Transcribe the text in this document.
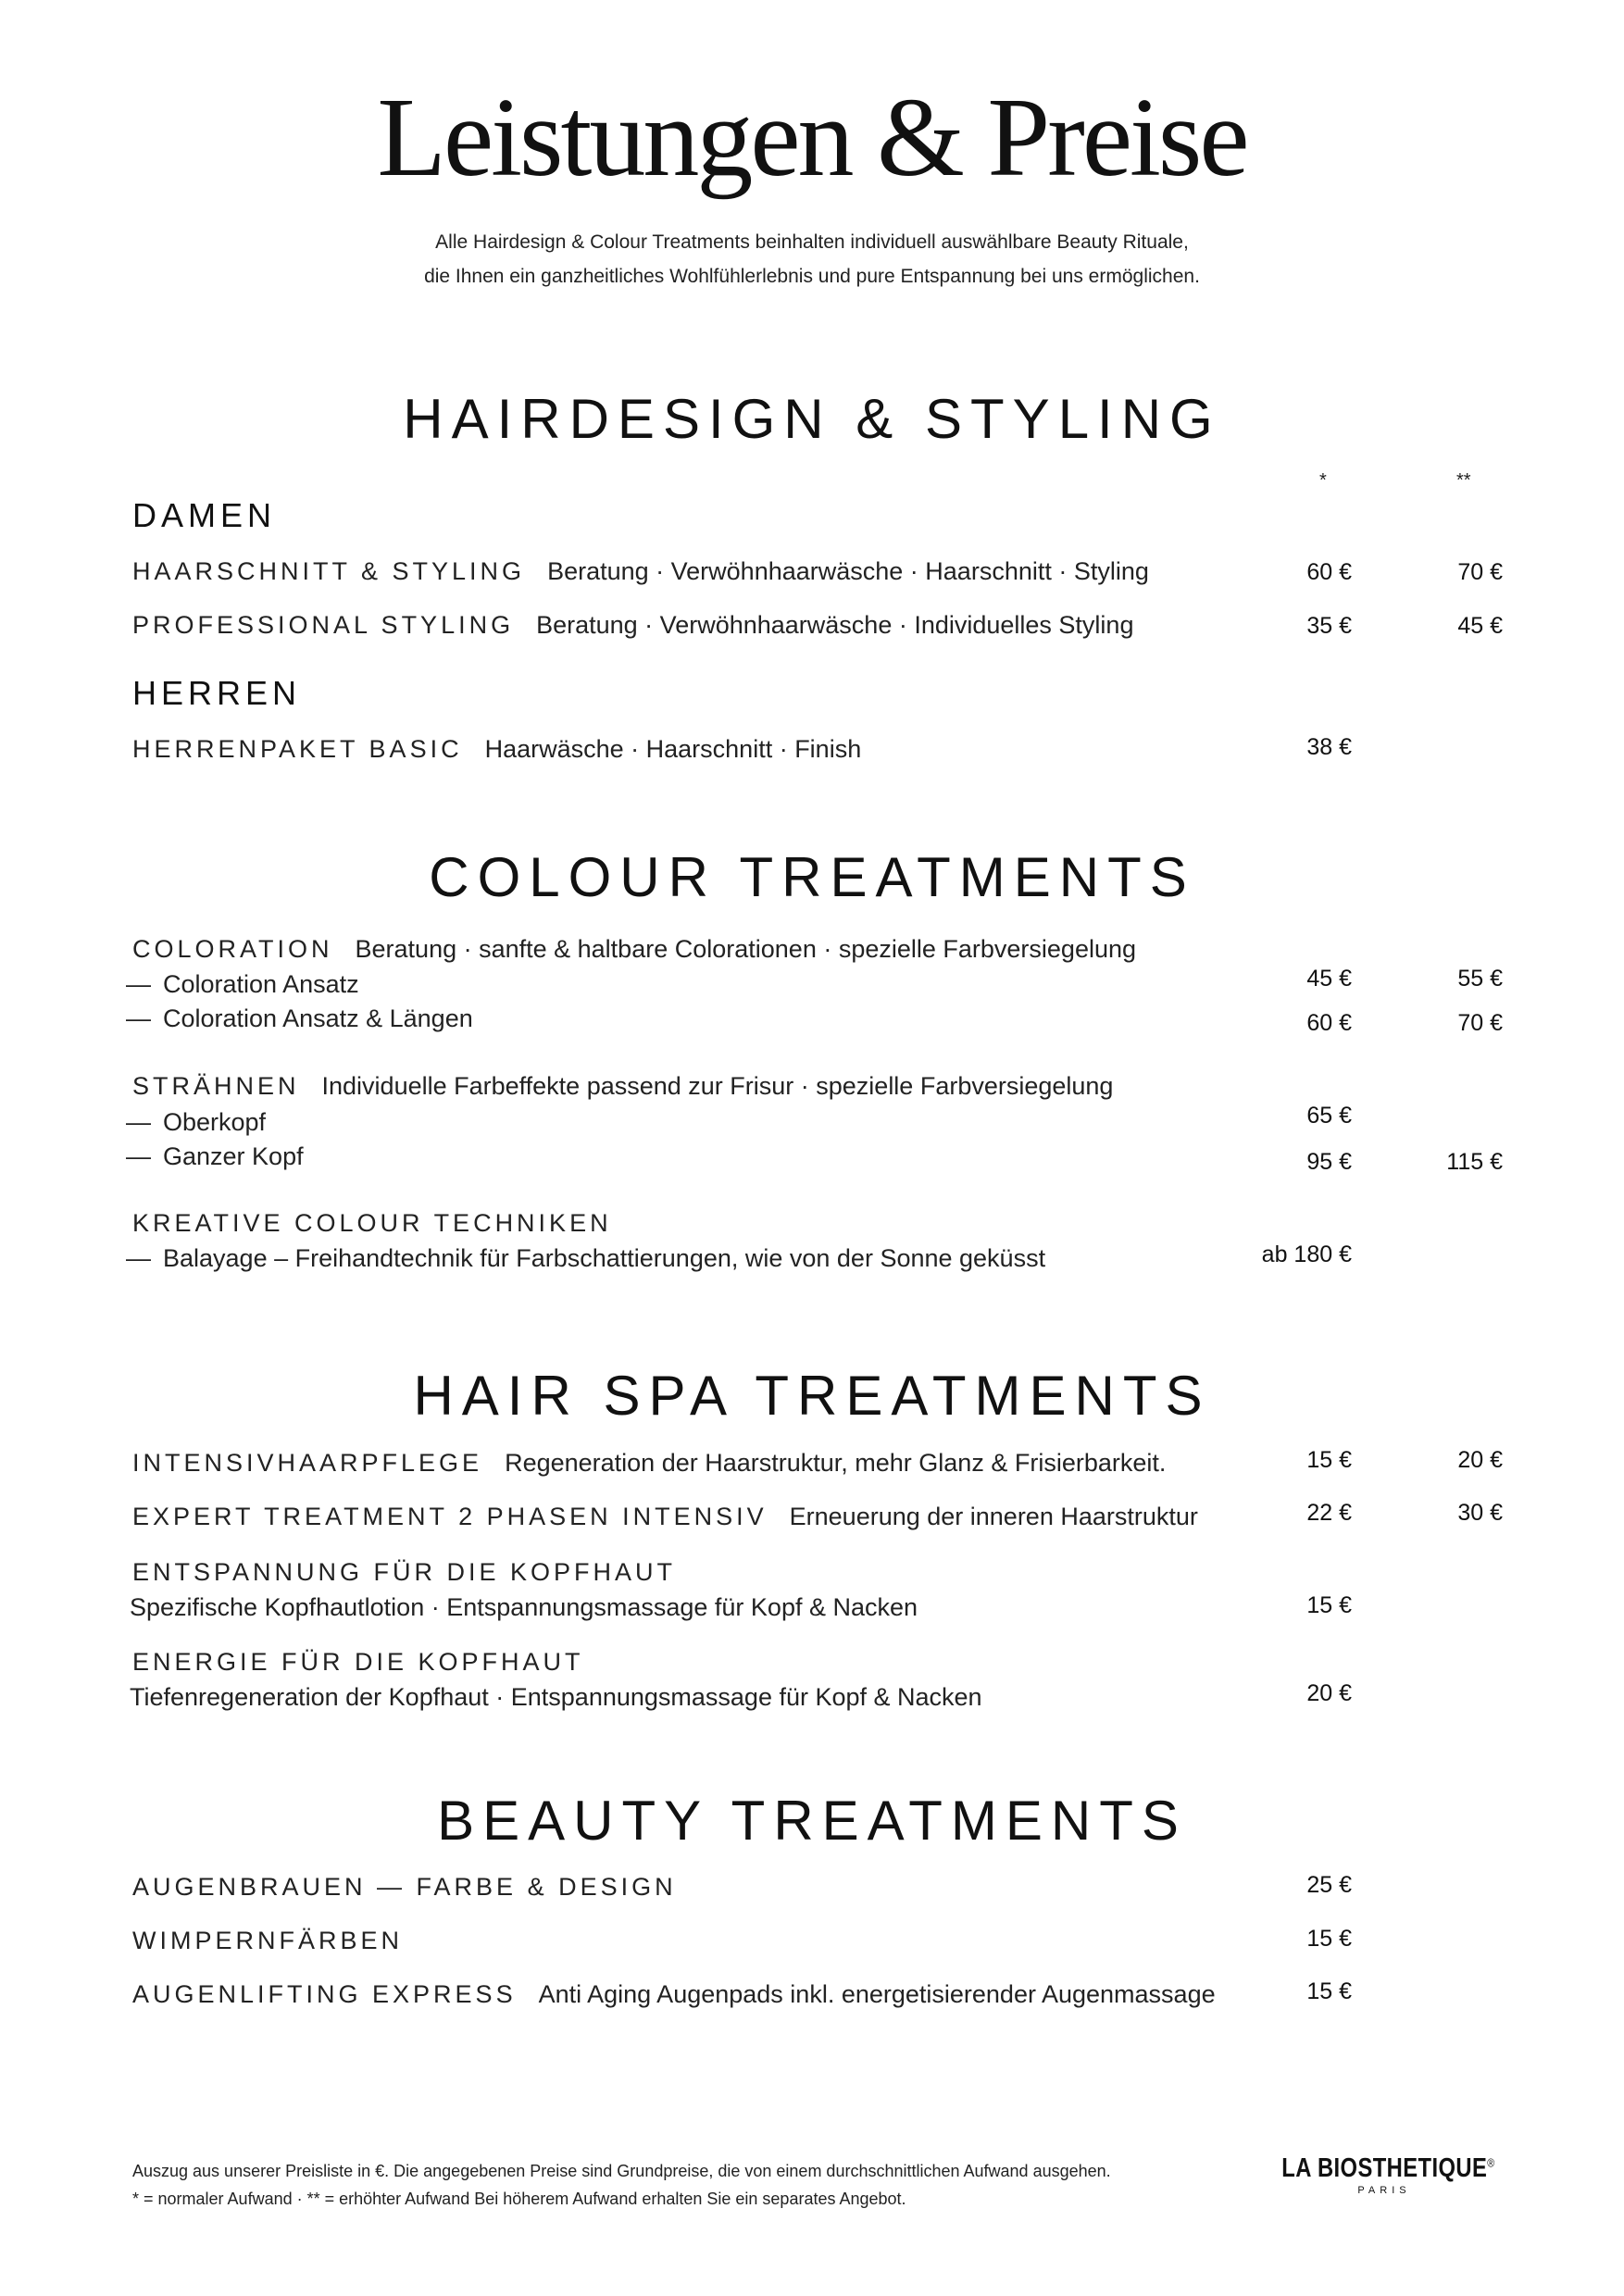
Leistungen & Preise
Alle Hairdesign & Colour Treatments beinhalten individuell auswählbare Beauty Rituale,
die Ihnen ein ganzheitliches Wohlfühlerlebnis und pure Entspannung bei uns ermöglichen.
HAIRDESIGN & STYLING
*	**
DAMEN
HAARSCHNITT & STYLING Beratung · Verwöhnhaarwäsche · Haarschnitt · Styling	60 €	70 €
PROFESSIONAL STYLING Beratung · Verwöhnhaarwäsche · Individuelles Styling	35 €	45 €
HERREN
HERRENPAKET BASIC Haarwäsche · Haarschnitt · Finish	38 €
COLOUR TREATMENTS
COLORATION Beratung · sanfte & haltbare Colorationen · spezielle Farbversiegelung
— Coloration Ansatz	45 €	55 €
— Coloration Ansatz & Längen	60 €	70 €
STRÄHNEN Individuelle Farbeffekte passend zur Frisur · spezielle Farbversiegelung
— Oberkopf	65 €
— Ganzer Kopf	95 €	115 €
KREATIVE COLOUR TECHNIKEN
— Balayage – Freihandtechnik für Farbschattierungen, wie von der Sonne geküsst	ab 180 €
HAIR SPA TREATMENTS
INTENSIVHAARPFLEGE Regeneration der Haarstruktur, mehr Glanz & Frisierbarkeit.	15 €	20 €
EXPERT TREATMENT 2 PHASEN INTENSIV Erneuerung der inneren Haarstruktur	22 €	30 €
ENTSPANNUNG FÜR DIE KOPFHAUT
Spezifische Kopfhautlotion · Entspannungsmassage für Kopf & Nacken	15 €
ENERGIE FÜR DIE KOPFHAUT
Tiefenregeneration der Kopfhaut · Entspannungsmassage für Kopf & Nacken	20 €
BEAUTY TREATMENTS
AUGENBRAUEN — FARBE & DESIGN	25 €
WIMPERNFÄRBEN	15 €
AUGENLIFTING EXPRESS Anti Aging Augenpads inkl. energetisierender Augenmassage	15 €
Auszug aus unserer Preisliste in €. Die angegebenen Preise sind Grundpreise, die von einem durchschnittlichen Aufwand ausgehen.
* = normaler Aufwand · ** = erhöhter Aufwand Bei höherem Aufwand erhalten Sie ein separates Angebot.
LA BIOSTHETIQUE®
PARIS
